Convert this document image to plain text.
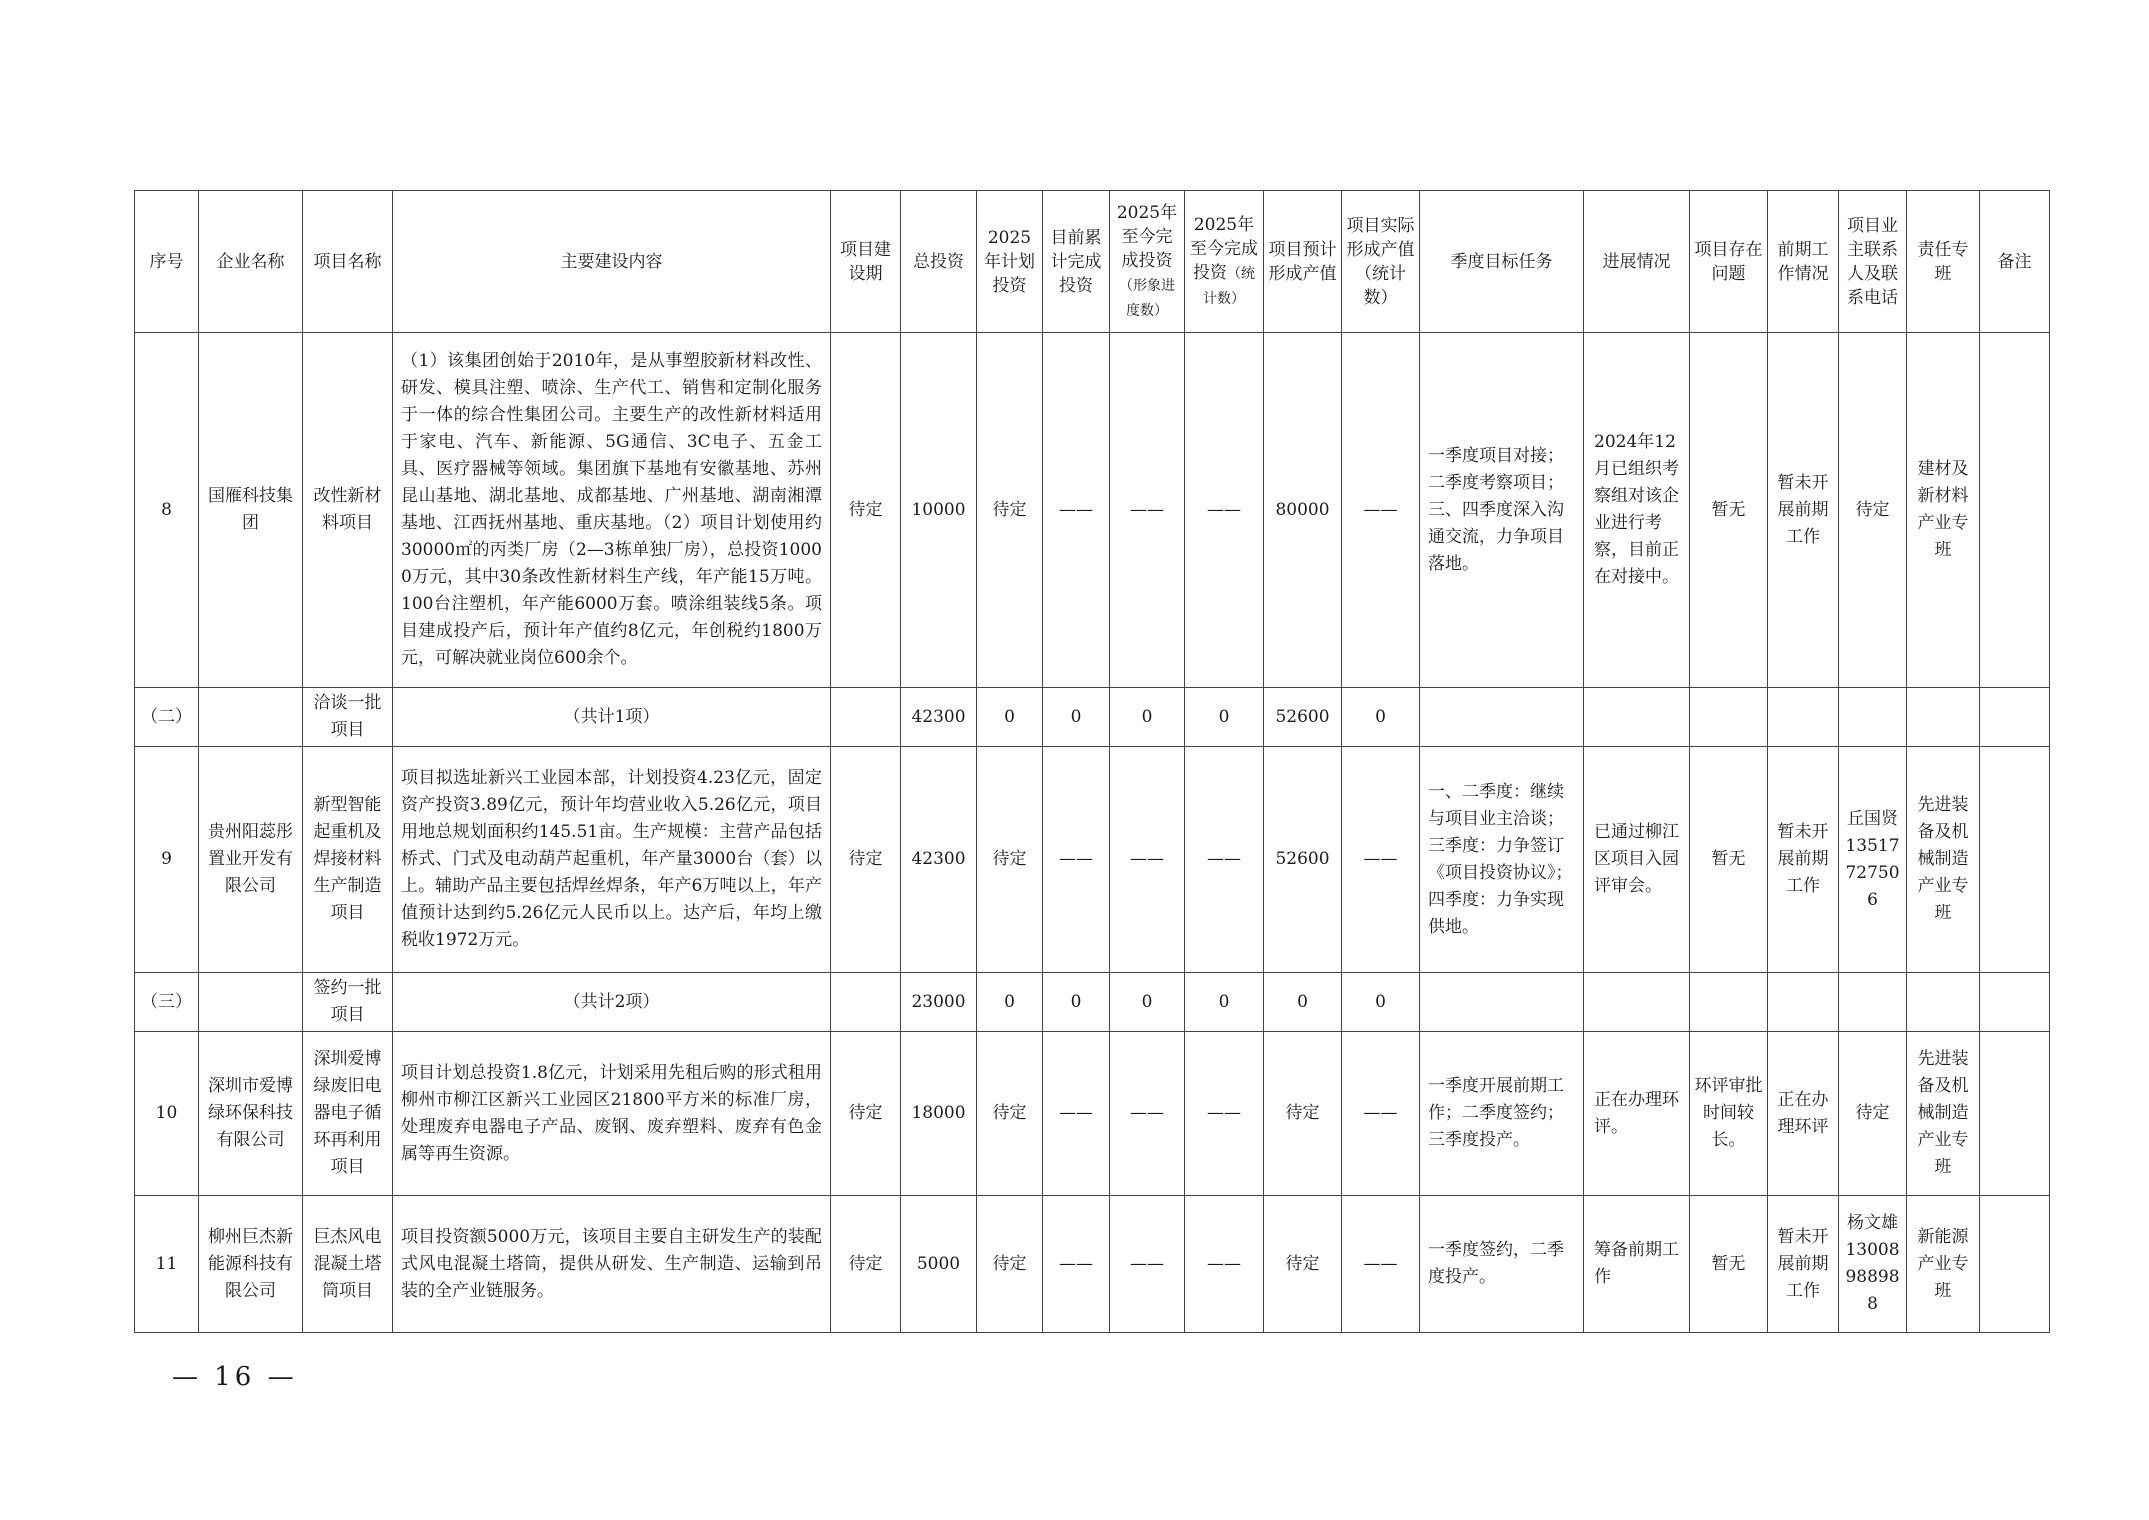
序号	企业名称	项目名称	主要建设内容	项目建设期	总投资	2025年计划投资	目前累计完成投资	2025年至今完成投资（形象进度数）	2025年至今完成投资（统计数）	项目预计形成产值	项目实际形成产值（统计数）	季度目标任务	进展情况	项目存在问题	前期工作情况	项目业主联系人及联系电话	责任专班	备注
8	国雁科技集团	改性新材料项目	（1）该集团创始于2010年，是从事塑胶新材料改性、研发、模具注塑、喷涂、生产代工、销售和定制化服务于一体的综合性集团公司。主要生产的改性新材料适用于家电、汽车、新能源、5G通信、3C电子、五金工具、医疗器械等领域。集团旗下基地有安徽基地、苏州昆山基地、湖北基地、成都基地、广州基地、湖南湘潭基地、江西抚州基地、重庆基地。（2）项目计划使用约30000㎡的丙类厂房（2—3栋单独厂房），总投资10000万元，其中30条改性新材料生产线，年产能15万吨。100台注塑机，年产能6000万套。喷涂组装线5条。项目建成投产后，预计年产值约8亿元，年创税约1800万元，可解决就业岗位600余个。	待定	10000	待定	——	——	——	80000	——	一季度项目对接；二季度考察项目；三、四季度深入沟通交流，力争项目落地。	2024年12月已组织考察组对该企业进行考察，目前正在对接中。	暂无	暂未开展前期工作	待定	建材及新材料产业专班	
（二）		洽谈一批项目	（共计1项）		42300	0	0	0	0	52600	0							
9	贵州阳蕊彤置业开发有限公司	新型智能起重机及焊接材料生产制造项目	项目拟选址新兴工业园本部，计划投资4.23亿元，固定资产投资3.89亿元，预计年均营业收入5.26亿元，项目用地总规划面积约145.51亩。生产规模：主营产品包括桥式、门式及电动葫芦起重机，年产量3000台（套）以上。辅助产品主要包括焊丝焊条，年产6万吨以上，年产值预计达到约5.26亿元人民币以上。达产后，年均上缴税收1972万元。	待定	42300	待定	——	——	——	52600	——	一、二季度：继续与项目业主洽谈；三季度：力争签订《项目投资协议》；四季度：力争实现供地。	已通过柳江区项目入园评审会。	暂无	暂未开展前期工作	丘国贤135177275​06	先进装备及机械制造产业专班	
（三）		签约一批项目	（共计2项）		23000	0	0	0	0	0	0							
10	深圳市爱博绿环保科技有限公司	深圳爱博绿废旧电器电子循环再利用项目	项目计划总投资1.8亿元，计划采用先租后购的形式租用柳州市柳江区新兴工业园区21800平方米的标准厂房，处理废弃电器电子产品、废钢、废弃塑料、废弃有色金属等再生资源。	待定	18000	待定	——	——	——	待定	——	一季度开展前期工作；二季度签约；三季度投产。	正在办理环评。	环评审批时间较长。	正在办理环评	待定	先进装备及机械制造产业专班	
11	柳州巨杰新能源科技有限公司	巨杰风电混凝土塔筒项目	项目投资额5000万元，该项目主要自主研发生产的装配式风电混凝土塔筒，提供从研发、生产制造、运输到吊装的全产业链服务。	待定	5000	待定	——	——	——	待定	——	一季度签约，二季度投产。	筹备前期工作	暂无	暂未开展前期工作	杨文雄13008988988	新能源产业专班	
— 16 —
